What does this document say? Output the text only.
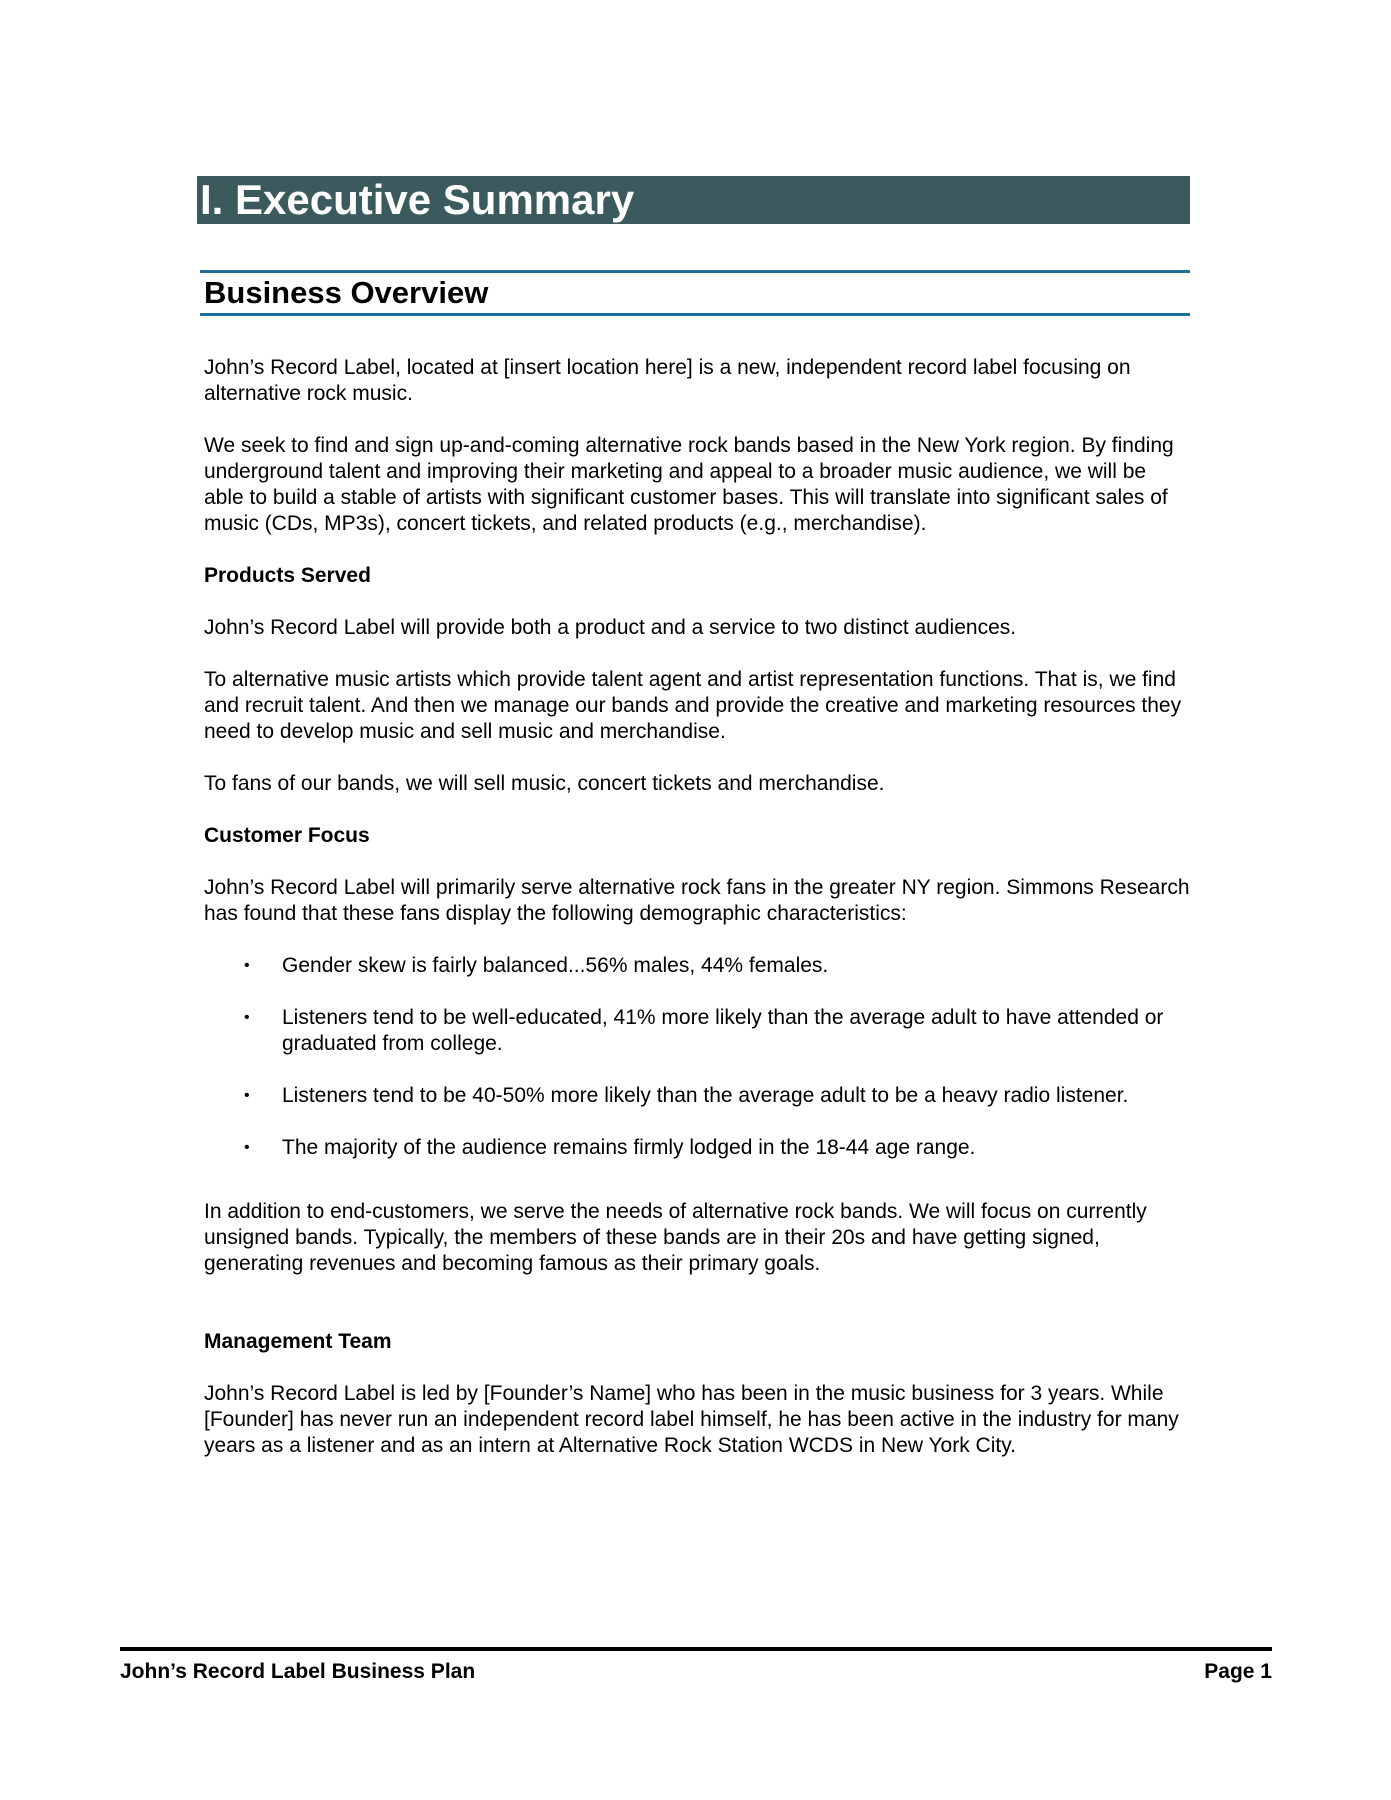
I. Executive Summary
Business Overview

John’s Record Label, located at [insert location here] is a new, independent record label focusing on alternative rock music.

We seek to find and sign up-and-coming alternative rock bands based in the New York region. By finding underground talent and improving their marketing and appeal to a broader music audience, we will be able to build a stable of artists with significant customer bases. This will translate into significant sales of music (CDs, MP3s), concert tickets, and related products (e.g., merchandise).

Products Served

John’s Record Label will provide both a product and a service to two distinct audiences.

To alternative music artists which provide talent agent and artist representation functions. That is, we find and recruit talent. And then we manage our bands and provide the creative and marketing resources they need to develop music and sell music and merchandise.

To fans of our bands, we will sell music, concert tickets and merchandise.

Customer Focus

John’s Record Label will primarily serve alternative rock fans in the greater NY region. Simmons Research has found that these fans display the following demographic characteristics:

• Gender skew is fairly balanced...56% males, 44% females.
• Listeners tend to be well-educated, 41% more likely than the average adult to have attended or graduated from college.
• Listeners tend to be 40-50% more likely than the average adult to be a heavy radio listener.
• The majority of the audience remains firmly lodged in the 18-44 age range.

In addition to end-customers, we serve the needs of alternative rock bands. We will focus on currently unsigned bands. Typically, the members of these bands are in their 20s and have getting signed, generating revenues and becoming famous as their primary goals.

Management Team

John’s Record Label is led by [Founder’s Name] who has been in the music business for 3 years. While [Founder] has never run an independent record label himself, he has been active in the industry for many years as a listener and as an intern at Alternative Rock Station WCDS in New York City.

John’s Record Label Business Plan	Page 1
